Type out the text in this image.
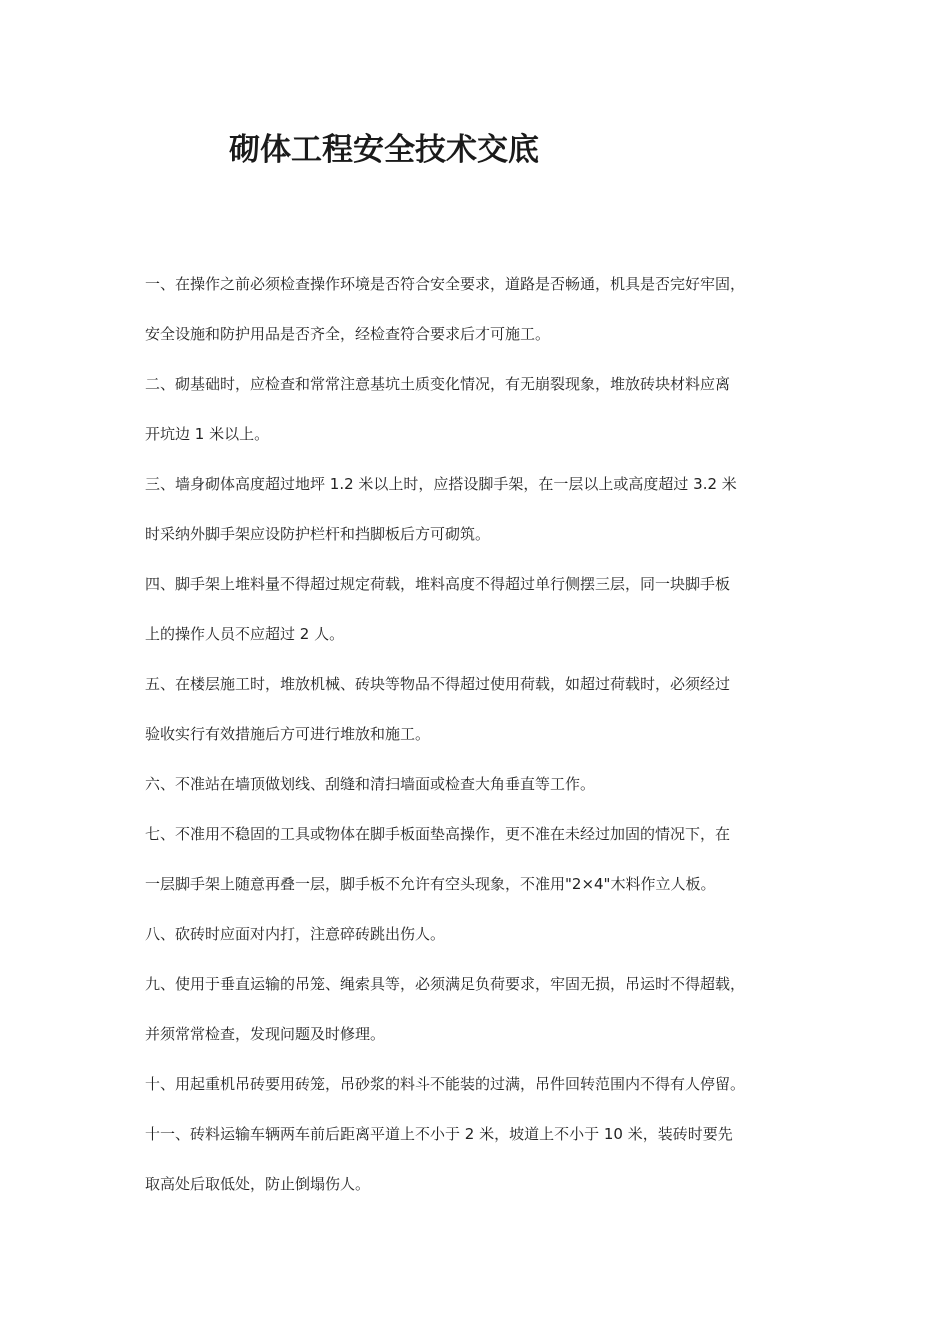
砌体工程安全技术交底
一、在操作之前必须检查操作环境是否符合安全要求，道路是否畅通，机具是否完好牢固，
安全设施和防护用品是否齐全，经检查符合要求后才可施工。
二、砌基础时，应检查和常常注意基坑土质变化情况，有无崩裂现象，堆放砖块材料应离
开坑边 1 米以上。
三、墙身砌体高度超过地坪 1.2 米以上时，应搭设脚手架，在一层以上或高度超过 3.2 米
时采纳外脚手架应设防护栏杆和挡脚板后方可砌筑。
四、脚手架上堆料量不得超过规定荷载，堆料高度不得超过单行侧摆三层，同一块脚手板
上的操作人员不应超过 2 人。
五、在楼层施工时，堆放机械、砖块等物品不得超过使用荷载，如超过荷载时，必须经过
验收实行有效措施后方可进行堆放和施工。
六、不准站在墙顶做划线、刮缝和清扫墙面或检查大角垂直等工作。
七、不准用不稳固的工具或物体在脚手板面垫高操作，更不准在未经过加固的情况下，在
一层脚手架上随意再叠一层，脚手板不允许有空头现象，不准用"2×4"木料作立人板。
八、砍砖时应面对内打，注意碎砖跳出伤人。
九、使用于垂直运输的吊笼、绳索具等，必须满足负荷要求，牢固无损，吊运时不得超载，
并须常常检查，发现问题及时修理。
十、用起重机吊砖要用砖笼，吊砂浆的料斗不能装的过满，吊件回转范围内不得有人停留。
十一、砖料运输车辆两车前后距离平道上不小于 2 米，坡道上不小于 10 米，装砖时要先
取高处后取低处，防止倒塌伤人。
